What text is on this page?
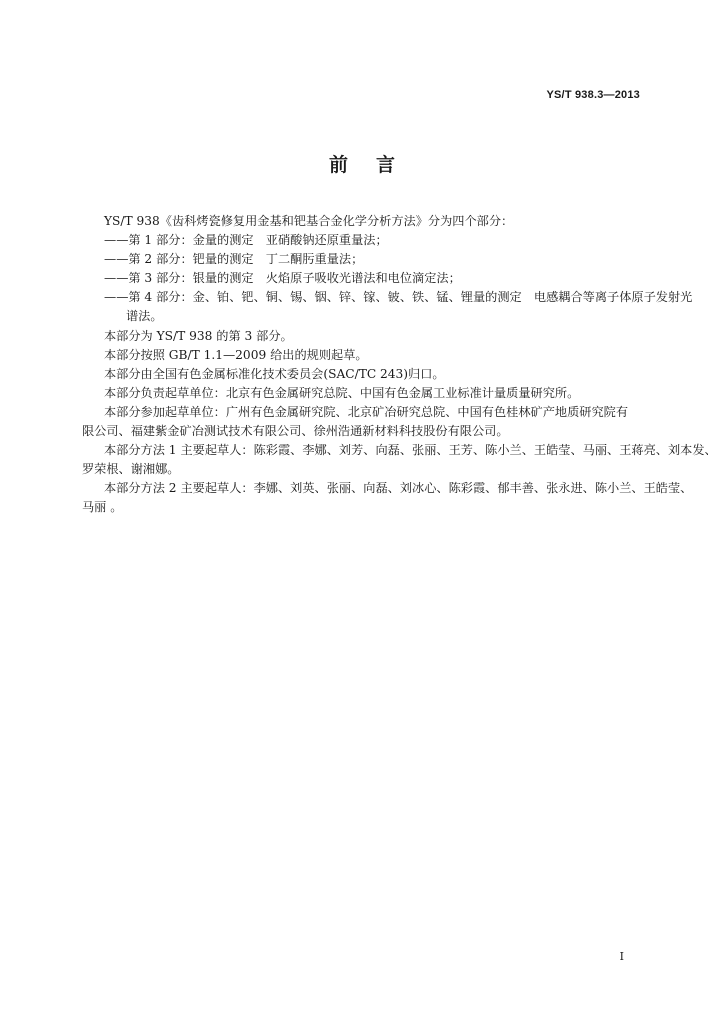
YS/T 938.3—2013
前言
YS/T 938《齿科烤瓷修复用金基和钯基合金化学分析方法》分为四个部分：
——第 1 部分：金量的测定　亚硝酸钠还原重量法；
——第 2 部分：钯量的测定　丁二酮肟重量法；
——第 3 部分：银量的测定　火焰原子吸收光谱法和电位滴定法；
——第 4 部分：金、铂、钯、铜、锡、铟、锌、镓、铍、铁、锰、锂量的测定　电感耦合等离子体原子发射光
谱法。
本部分为 YS/T 938 的第 3 部分。
本部分按照 GB/T 1.1—2009 给出的规则起草。
本部分由全国有色金属标准化技术委员会(SAC/TC 243)归口。
本部分负责起草单位：北京有色金属研究总院、中国有色金属工业标准计量质量研究所。
本部分参加起草单位：广州有色金属研究院、北京矿冶研究总院、中国有色桂林矿产地质研究院有
限公司、福建紫金矿冶测试技术有限公司、徐州浩通新材料科技股份有限公司。
本部分方法 1 主要起草人：陈彩霞、李娜、刘芳、向磊、张丽、王芳、陈小兰、王皓莹、马丽、王蒋亮、刘本发、
罗荣根、谢湘娜。
本部分方法 2 主要起草人：李娜、刘英、张丽、向磊、刘冰心、陈彩霞、郁丰善、张永进、陈小兰、王皓莹、
马丽 。
I
